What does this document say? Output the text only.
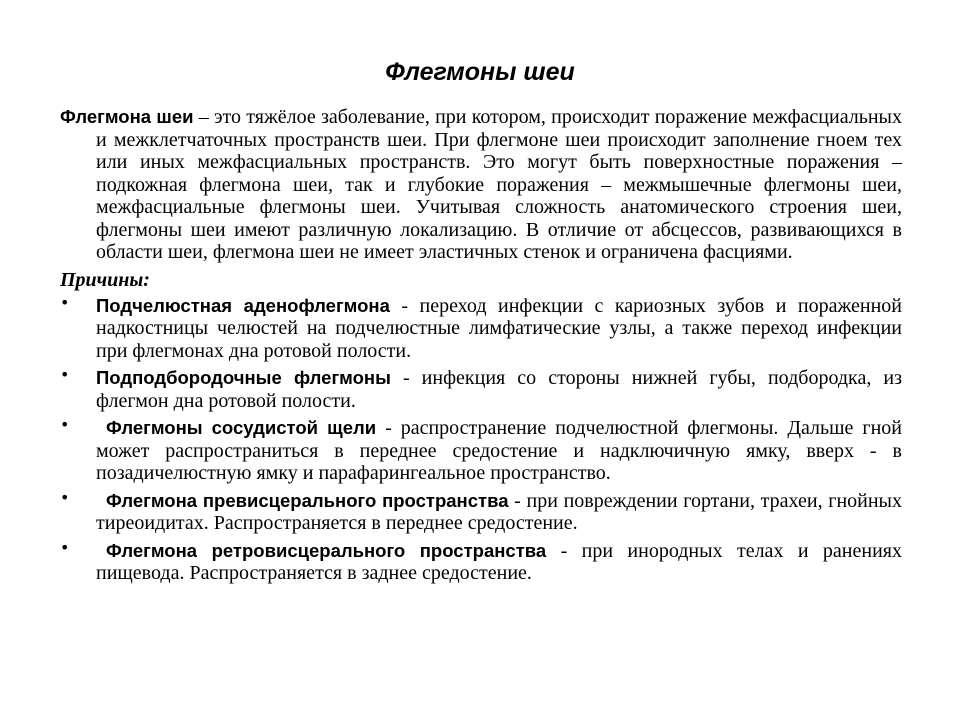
Флегмоны шеи

Флегмона шеи – это тяжёлое заболевание, при котором, происходит поражение межфасциальных и межклетчаточных пространств шеи. При флегмоне шеи происходит заполнение гноем тех или иных межфасциальных пространств. Это могут быть поверхностные поражения – подкожная флегмона шеи, так и глубокие поражения – межмышечные флегмоны шеи, межфасциальные флегмоны шеи. Учитывая сложность анатомического строения шеи, флегмоны шеи имеют различную локализацию. В отличие от абсцессов, развивающихся в области шеи, флегмона шеи не имеет эластичных стенок и ограничена фасциями.

Причины:

•	Подчелюстная аденофлегмона - переход инфекции с кариозных зубов и пораженной надкостницы челюстей на подчелюстные лимфатические узлы, а также переход инфекции при флегмонах дна ротовой полости.
•	Подподбородочные флегмоны - инфекция со стороны нижней губы, подбородка, из флегмон дна ротовой полости.
•	Флегмоны сосудистой щели - распространение подчелюстной флегмоны. Дальше гной может распространиться в переднее средостение и надключичную ямку, вверх - в позадичелюстную ямку и парафарингеальное пространство.
•	Флегмона превисцерального пространства - при повреждении гортани, трахеи, гнойных тиреоидитах. Распространяется в переднее средостение.
•	Флегмона ретровисцерального пространства - при инородных телах и ранениях пищевода. Распространяется в заднее средостение.
